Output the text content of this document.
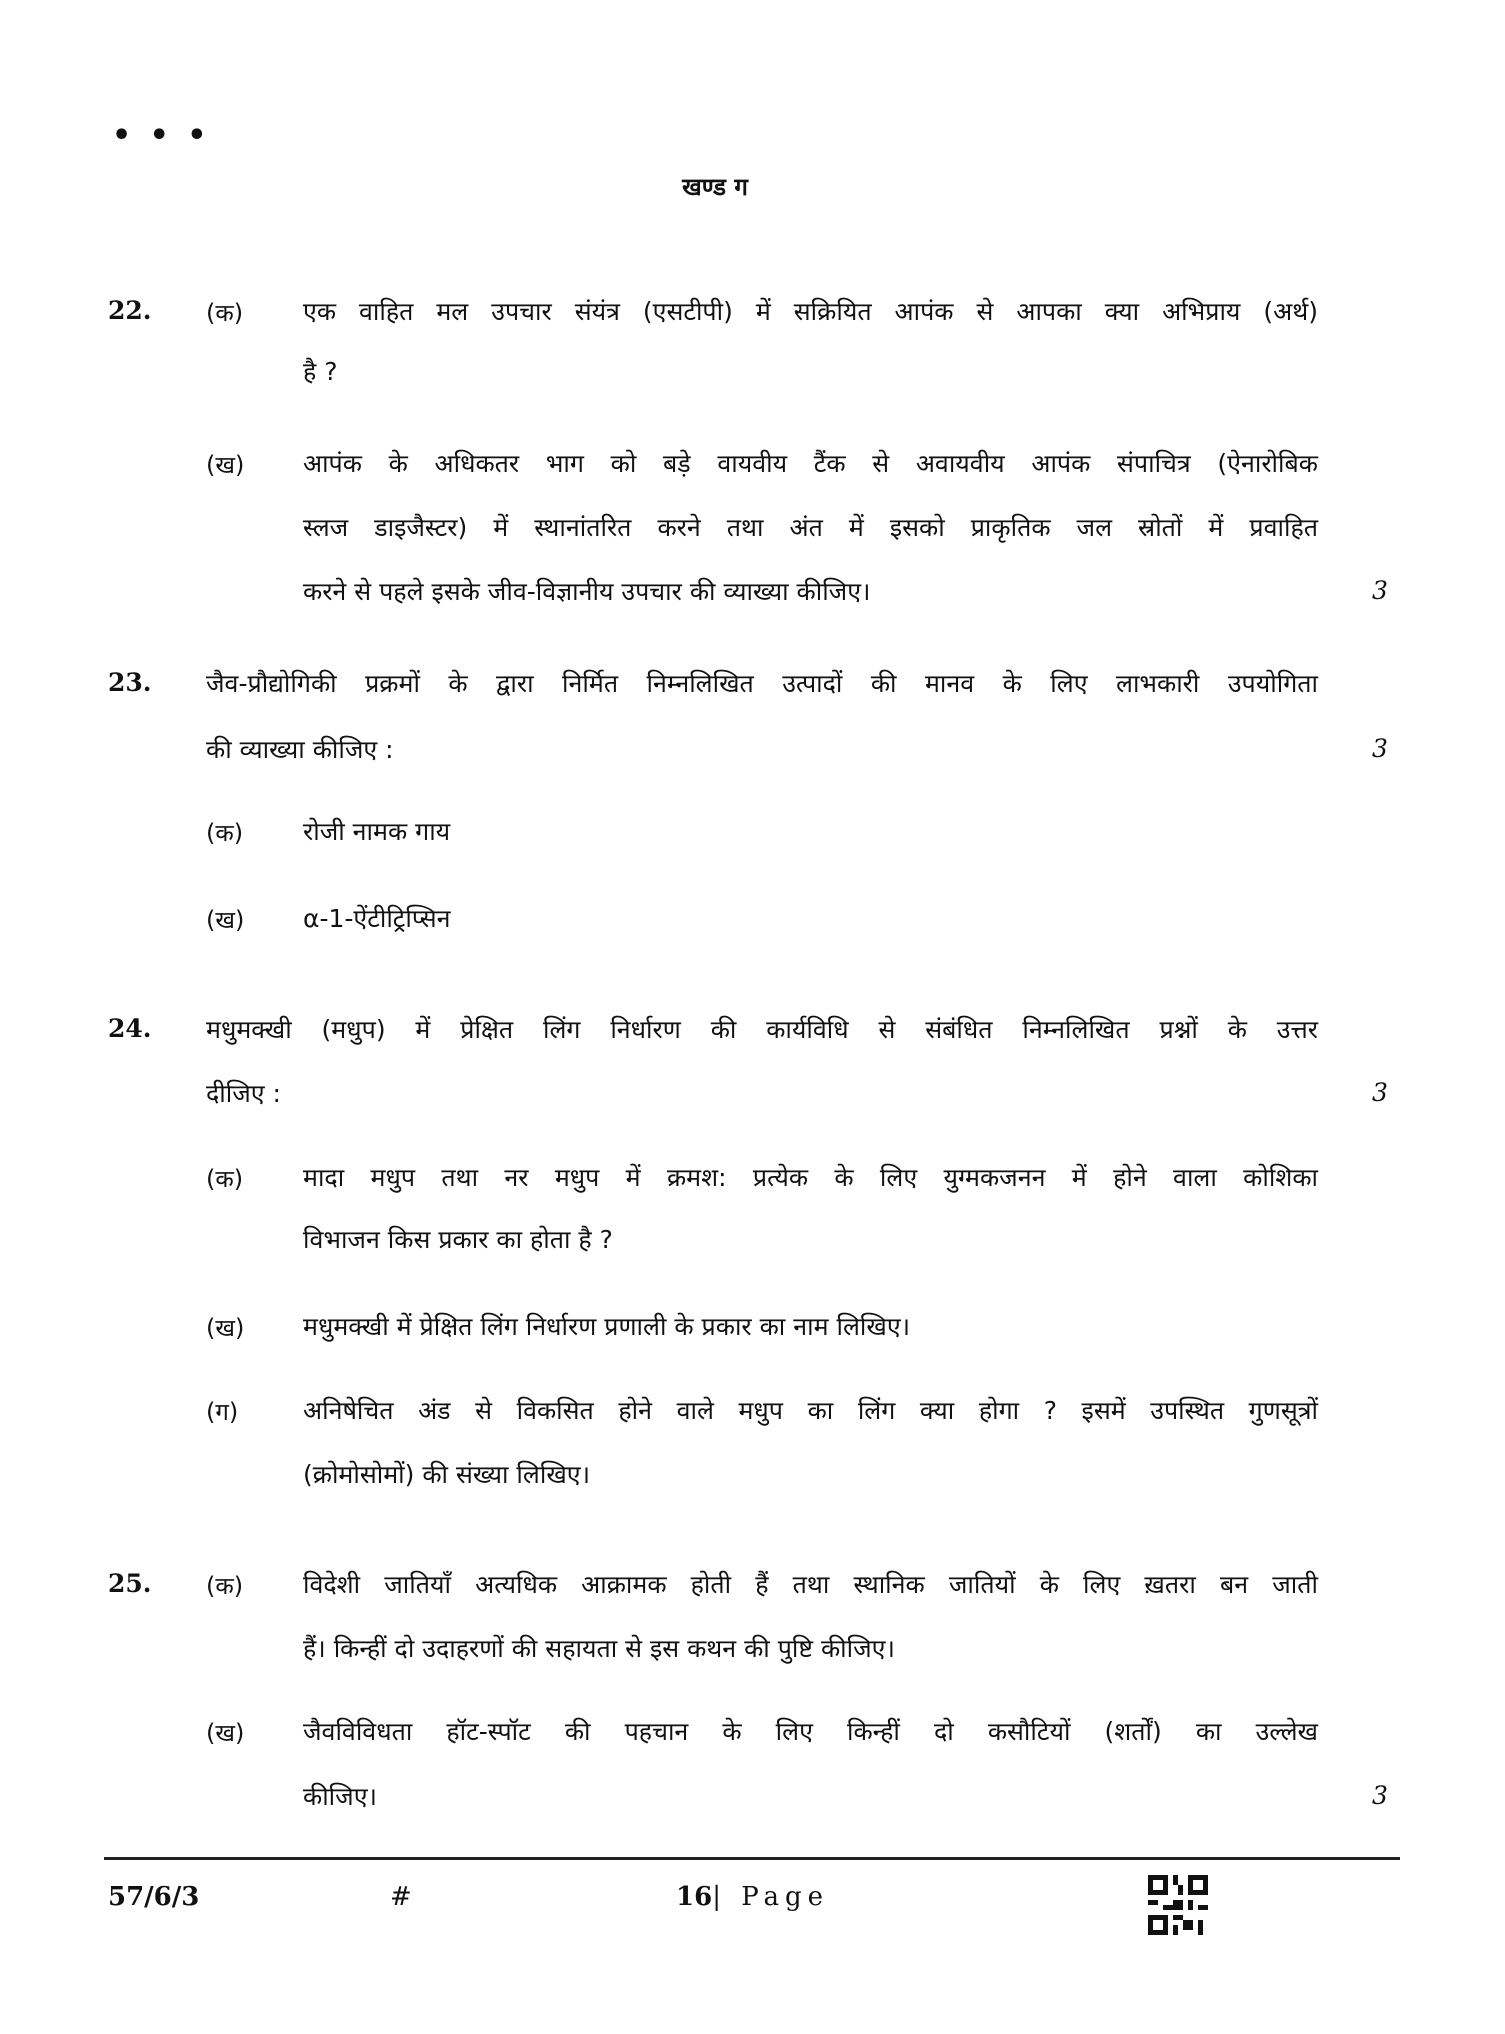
• • •
खण्ड ग
22. (क) एक वाहित मल उपचार संयंत्र (एसटीपी) में सक्रियित आपंक से आपका क्या अभिप्राय (अर्थ)
है ?
(ख) आपंक के अधिकतर भाग को बड़े वायवीय टैंक से अवायवीय आपंक संपाचित्र (ऐनारोबिक
स्लज डाइजैस्टर) में स्थानांतरित करने तथा अंत में इसको प्राकृतिक जल स्रोतों में प्रवाहित
करने से पहले इसके जीव-विज्ञानीय उपचार की व्याख्या कीजिए।	3
23. जैव-प्रौद्योगिकी प्रक्रमों के द्वारा निर्मित निम्नलिखित उत्पादों की मानव के लिए लाभकारी उपयोगिता
की व्याख्या कीजिए :	3
(क) रोजी नामक गाय
(ख) α-1-ऐंटीट्रिप्सिन
24. मधुमक्खी (मधुप) में प्रेक्षित लिंग निर्धारण की कार्यविधि से संबंधित निम्नलिखित प्रश्नों के उत्तर
दीजिए :	3
(क) मादा मधुप तथा नर मधुप में क्रमश: प्रत्येक के लिए युग्मकजनन में होने वाला कोशिका
विभाजन किस प्रकार का होता है ?
(ख) मधुमक्खी में प्रेक्षित लिंग निर्धारण प्रणाली के प्रकार का नाम लिखिए।
(ग)	अनिषेचित अंड से विकसित होने वाले मधुप का लिंग क्या होगा ? इसमें उपस्थित गुणसूत्रों
(क्रोमोसोमों) की संख्या लिखिए।
25. (क) विदेशी जातियाँ अत्यधिक आक्रामक होती हैं तथा स्थानिक जातियों के लिए ख़तरा बन जाती
हैं। किन्हीं दो उदाहरणों की सहायता से इस कथन की पुष्टि कीजिए।
(ख) जैवविविधता हॉट-स्पॉट की पहचान के लिए किन्हीं दो कसौटियों (शर्तों) का उल्लेख
कीजिए।	3
57/6/3	#	16| Page
